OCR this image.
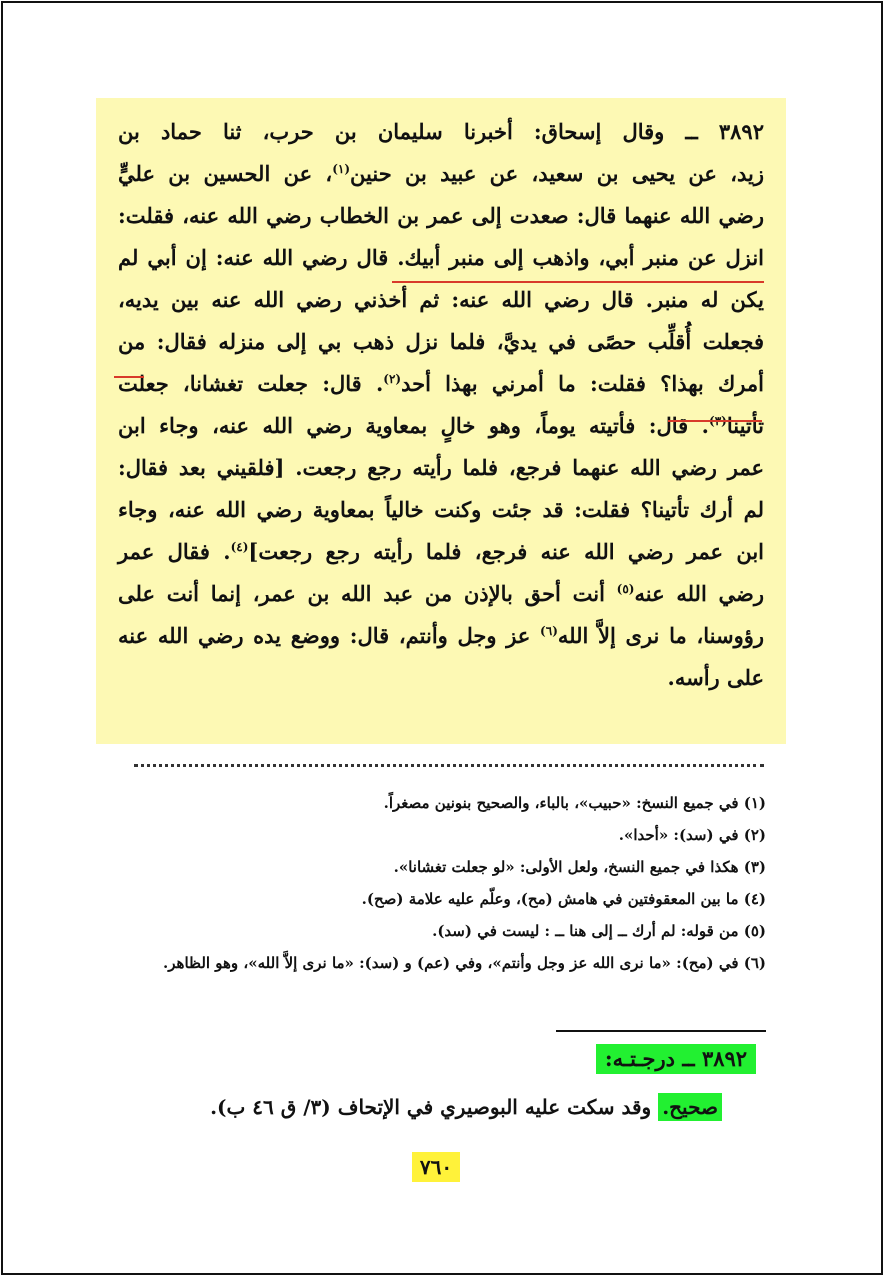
٣٨٩٢ ــ وقال إسحاق: أخبرنا سليمان بن حرب، ثنا حماد بن
زيد، عن يحيى بن سعيد، عن عبيد بن حنين$^{(١)}$، عن الحسين بن عليٍّ
رضي الله عنهما قال: صعدت إلى عمر بن الخطاب رضي الله عنه، فقلت:
انزل عن منبر أبي، واذهب إلى منبر أبيك. قال رضي الله عنه: إن أبي لم
يكن له منبر. قال رضي الله عنه: ثم أخذني رضي الله عنه بين يديه،
فجعلت أُقلِّب حصًى في يديَّ، فلما نزل ذهب بي إلى منزله فقال: من
أمرك بهذا؟ فقلت: ما أمرني بهذا أحد$^{(٢)}$. قال: جعلت تغشانا، جعلت
تأتينا$^{(٣)}$. قال: فأتيته يوماً، وهو خالٍ بمعاوية رضي الله عنه، وجاء ابن
عمر رضي الله عنهما فرجع، فلما رأيته رجع رجعت. [فلقيني بعد فقال:
لم أرك تأتينا؟ فقلت: قد جئت وكنت خالياً بمعاوية رضي الله عنه، وجاء
ابن عمر رضي الله عنه فرجع، فلما رأيته رجع رجعت]$^{(٤)}$. فقال عمر
رضي الله عنه$^{(٥)}$ أنت أحق بالإذن من عبد الله بن عمر، إنما أنت على
رؤوسنا، ما نرى إلاَّ الله$^{(٦)}$ عز وجل وأنتم، قال: ووضع يده رضي الله عنه
على رأسه.
(١) في جميع النسخ: «حبيب»، بالباء، والصحيح بنونين مصغراً.
(٢) في (سد): «أحدا».
(٣) هكذا في جميع النسخ، ولعل الأولى: «لو جعلت تغشانا».
(٤) ما بين المعقوفتين في هامش (مح)، وعلّم عليه علامة (صح).
(٥) من قوله: لم أرك ــ إلى هنا ــ : ليست في (سد).
(٦) في (مح): «ما نرى الله عز وجل وأنتم»، وفي (عم) و (سد): «ما نرى إلاَّ الله»، وهو الظاهر.
٣٨٩٢ ــ درجـتـه:
صحيح. وقد سكت عليه البوصيري في الإتحاف (٣/ ق ٤٦ ب).
٧٦٠
